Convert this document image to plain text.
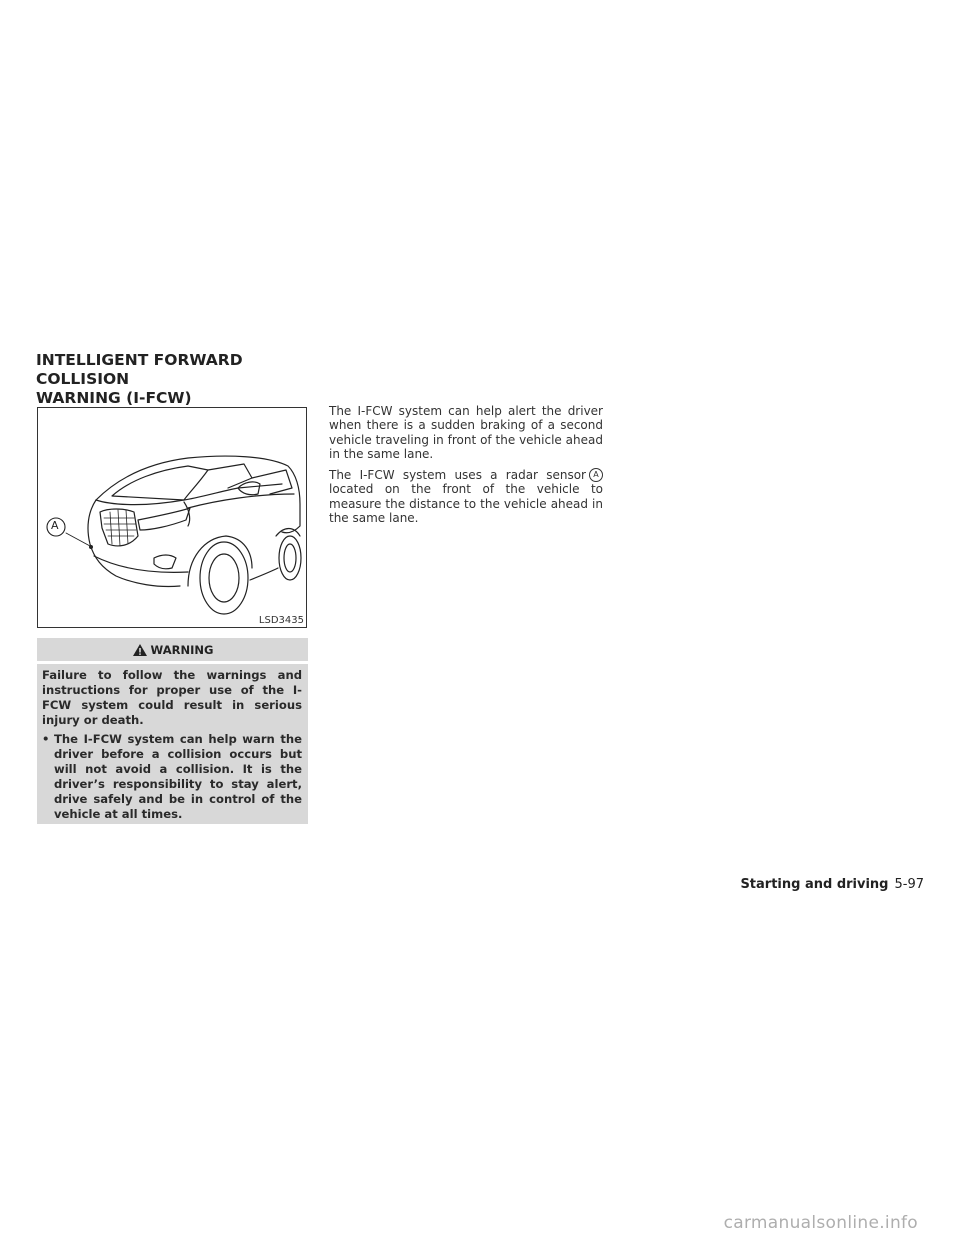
INTELLIGENT FORWARD COLLISION
WARNING (I-FCW)
A
LSD3435
WARNING

Failure to follow the warnings and instructions for proper use of the I-FCW system could result in serious injury or death.

• The I-FCW system can help warn the driver before a collision occurs but will not avoid a collision. It is the driver’s responsibility to stay alert, drive safely and be in control of the vehicle at all times.

The I-FCW system can help alert the driver when there is a sudden braking of a second vehicle traveling in front of the vehicle ahead in the same lane.

The I-FCW system uses a radar sensor A located on the front of the vehicle to measure the distance to the vehicle ahead in the same lane.

Starting and driving 5-97
carmanualsonline.info
